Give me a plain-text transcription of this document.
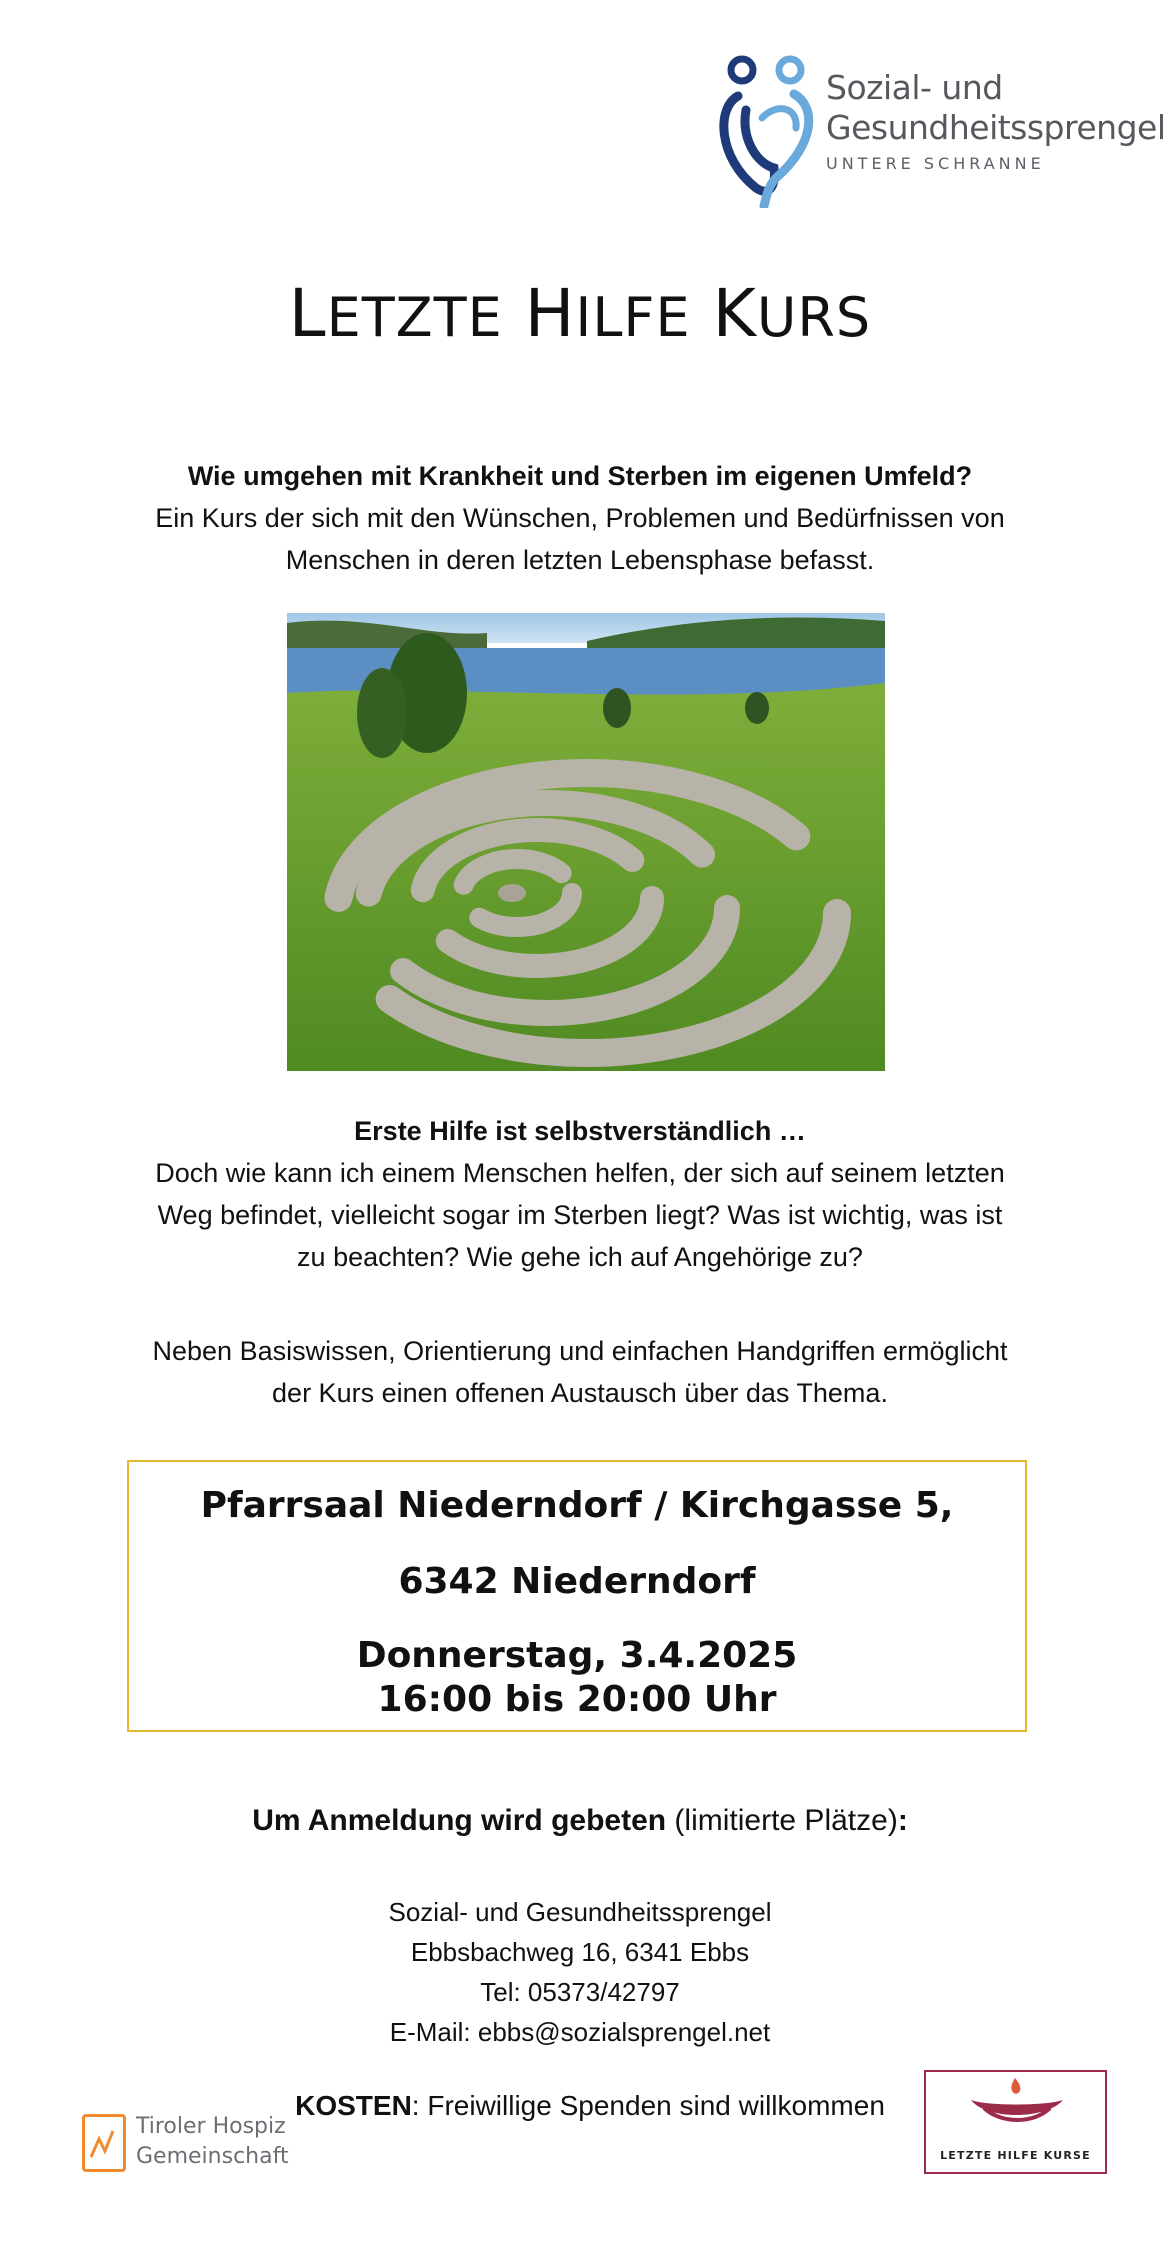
Sozial- und
Gesundheitssprengel
UNTERE SCHRANNE
LETZTE HILFE KURS
Wie umgehen mit Krankheit und Sterben im eigenen Umfeld?
Ein Kurs der sich mit den Wünschen, Problemen und Bedürfnissen von
Menschen in deren letzten Lebensphase befasst.
Erste Hilfe ist selbstverständlich …
Doch wie kann ich einem Menschen helfen, der sich auf seinem letzten
Weg befindet, vielleicht sogar im Sterben liegt? Was ist wichtig, was ist
zu beachten? Wie gehe ich auf Angehörige zu?
Neben Basiswissen, Orientierung und einfachen Handgriffen ermöglicht
der Kurs einen offenen Austausch über das Thema.
Pfarrsaal Niederndorf / Kirchgasse 5,
6342 Niederndorf
Donnerstag, 3.4.2025
16:00 bis 20:00 Uhr
Um Anmeldung wird gebeten (limitierte Plätze):
Sozial- und Gesundheitssprengel
Ebbsbachweg 16, 6341 Ebbs
Tel: 05373/42797
E-Mail: ebbs@sozialsprengel.net
KOSTEN: Freiwillige Spenden sind willkommen
Tiroler Hospiz
Gemeinschaft	LETZTE HILFE KURSE
